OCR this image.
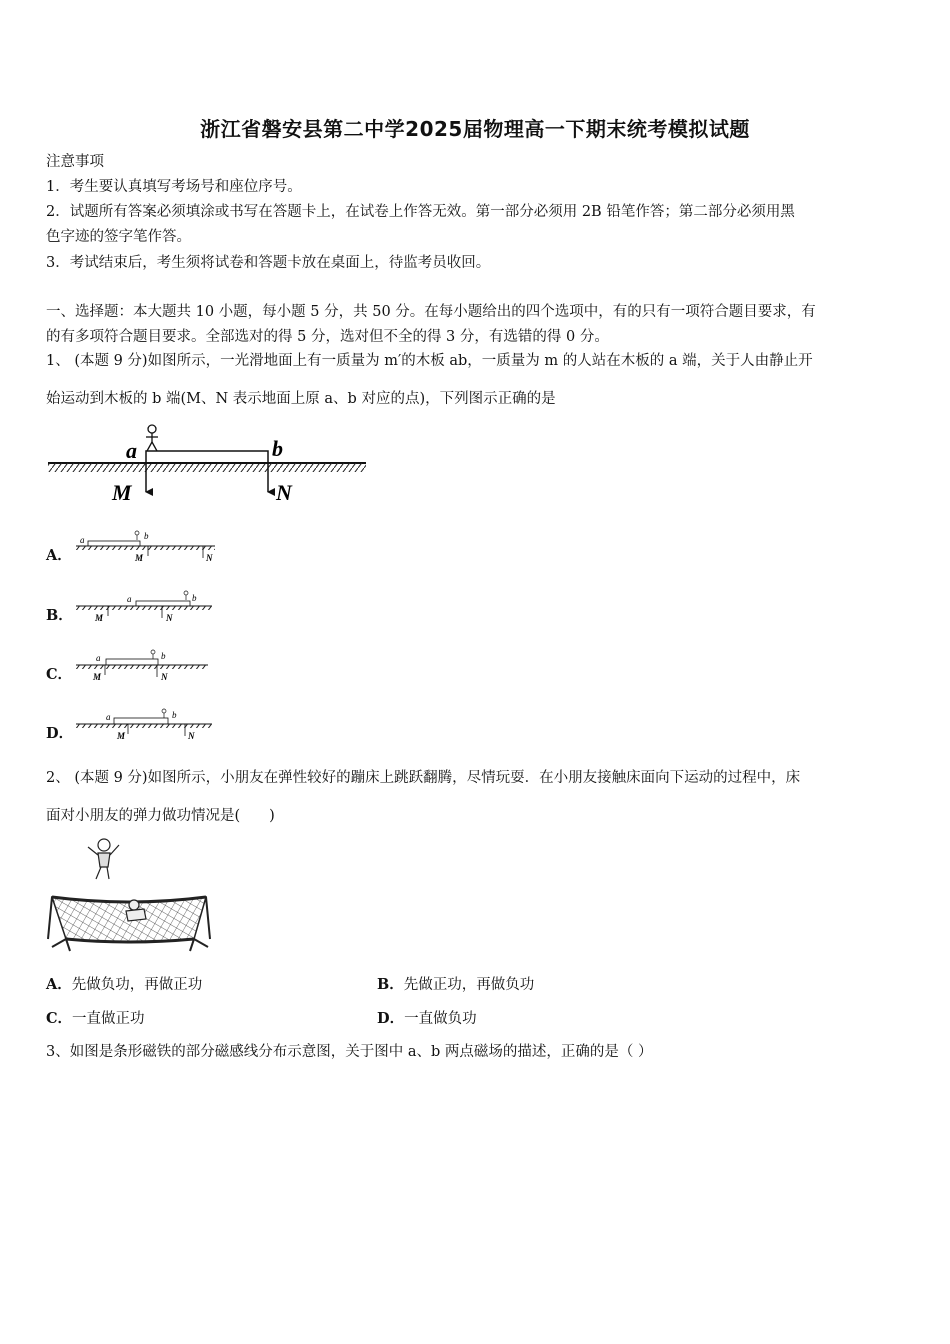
浙江省磐安县第二中学2025届物理高一下期末统考模拟试题
注意事项
1．考生要认真填写考场号和座位序号。
2．试题所有答案必须填涂或书写在答题卡上，在试卷上作答无效。第一部分必须用 2B 铅笔作答；第二部分必须用黑
色字迹的签字笔作答。
3．考试结束后，考生须将试卷和答题卡放在桌面上，待监考员收回。
一、选择题：本大题共 10 小题，每小题 5 分，共 50 分。在每小题给出的四个选项中，有的只有一项符合题目要求，有
的有多项符合题目要求。全部选对的得 5 分，选对但不全的得 3 分，有选错的得 0 分。
1、 (本题 9 分)如图所示，一光滑地面上有一质量为 m′的木板 ab，一质量为 m 的人站在木板的 a 端，关于人由静止开
始运动到木板的 b 端(M、N 表示地面上原 a、b 对应的点)，下列图示正确的是
a	b
M	N
A．
a	b
M	N
B．
a	b
M	N
C．
a	b
M	N
D．
a	b
M	N
2、 (本题 9 分)如图所示，小朋友在弹性较好的蹦床上跳跃翻腾，尽情玩耍．在小朋友接触床面向下运动的过程中，床
面对小朋友的弹力做功情况是(　　)
A．先做负功，再做正功	B．先做正功，再做负功
C．一直做正功	D．一直做负功
3、如图是条形磁铁的部分磁感线分布示意图，关于图中 a、b 两点磁场的描述，正确的是（ ）
